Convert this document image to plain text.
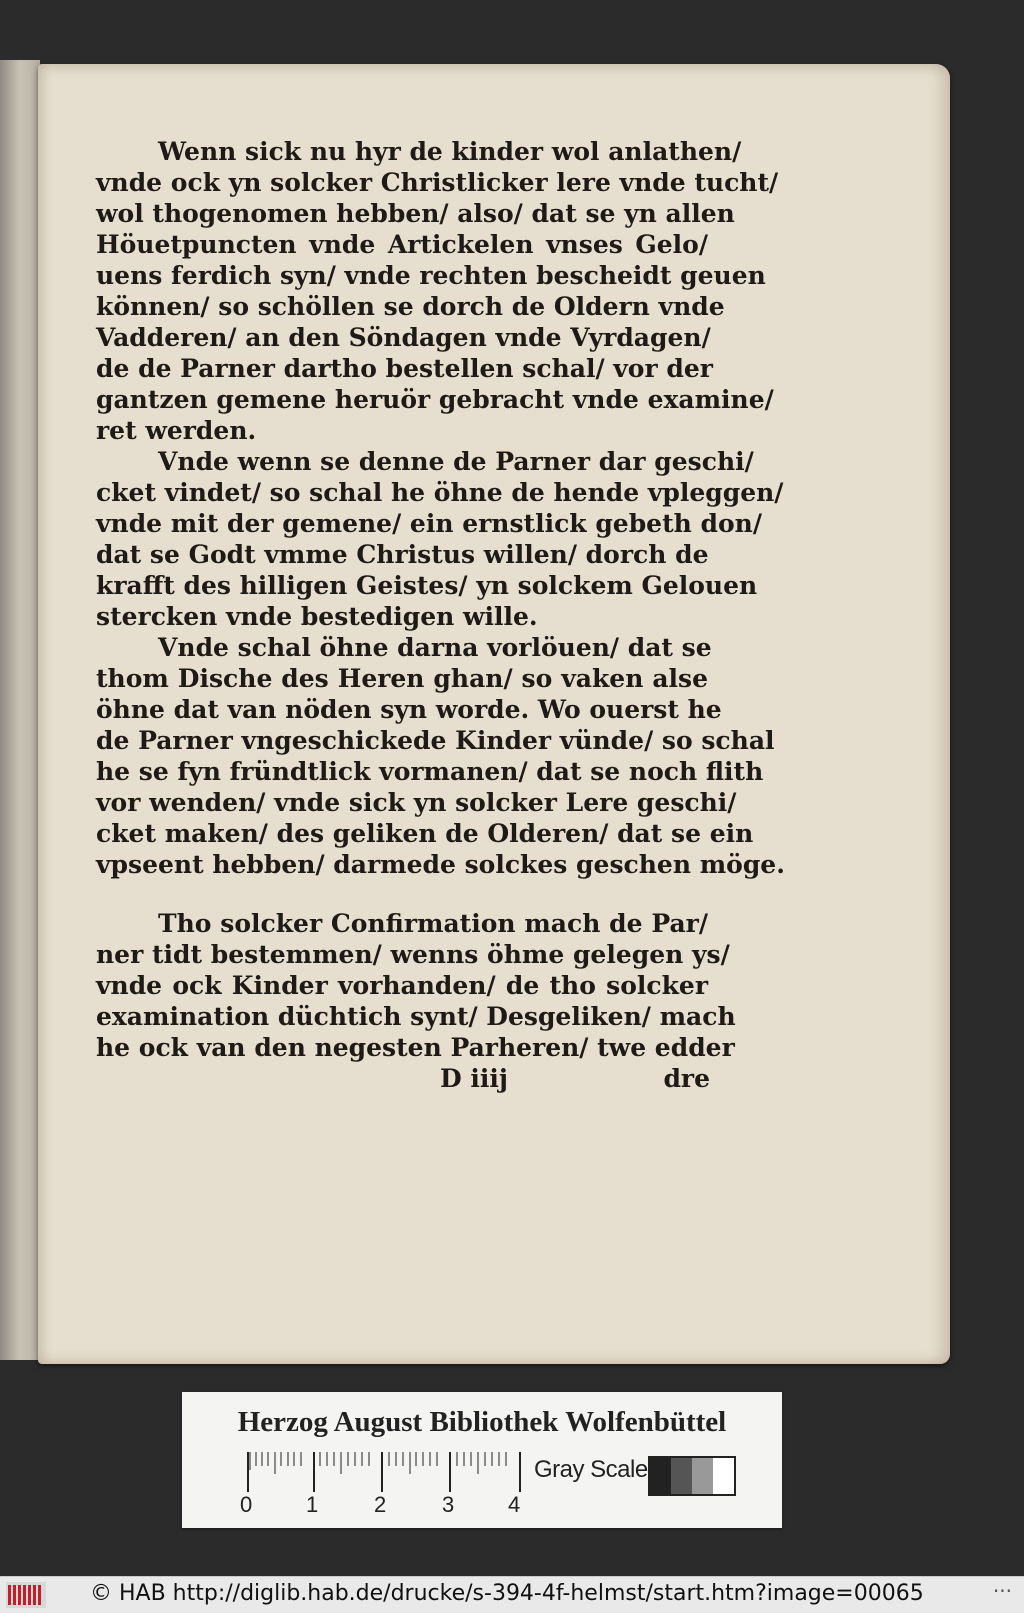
Wenn sick nu hyr de kinder wol anlathen/
vnde ock yn solcker Christlicker lere vnde tucht/
wol thogenomen hebben/ also/ dat se yn allen
Höuetpuncten vnde Artickelen vnses Gelo/
uens ferdich syn/ vnde rechten bescheidt geuen
können/ so schöllen se dorch de Oldern vnde
Vadderen/ an den Söndagen vnde Vyrdagen/
de de Parner dartho bestellen schal/ vor der
gantzen gemene heruör gebracht vnde examine/
ret werden.
Vnde wenn se denne de Parner dar geschi/
cket vindet/ so schal he öhne de hende vpleggen/
vnde mit der gemene/ ein ernstlick gebeth don/
dat se Godt vmme Christus willen/ dorch de
krafft des hilligen Geistes/ yn solckem Gelouen
stercken vnde bestedigen wille.
Vnde schal öhne darna vorlöuen/ dat se
thom Dische des Heren ghan/ so vaken alse
öhne dat van nöden syn worde. Wo ouerst he
de Parner vngeschickede Kinder vünde/ so schal
he se fyn fründtlick vormanen/ dat se noch flith
vor wenden/ vnde sick yn solcker Lere geschi/
cket maken/ des geliken de Olderen/ dat se ein
vpseent hebben/ darmede solckes geschen möge.
Tho solcker Confirmation mach de Par/
ner tidt bestemmen/ wenns öhme gelegen ys/
vnde ock Kinder vorhanden/ de tho solcker
examination düchtich synt/ Desgeliken/ mach
he ock van den negesten Parheren/ twe edder
D iiij	dre
Herzog August Bibliothek Wolfenbüttel
0 1	2	3 4
Gray Scale
© HAB http://diglib.hab.de/drucke/s-394-4f-helmst/start.htm?image=00065	···
